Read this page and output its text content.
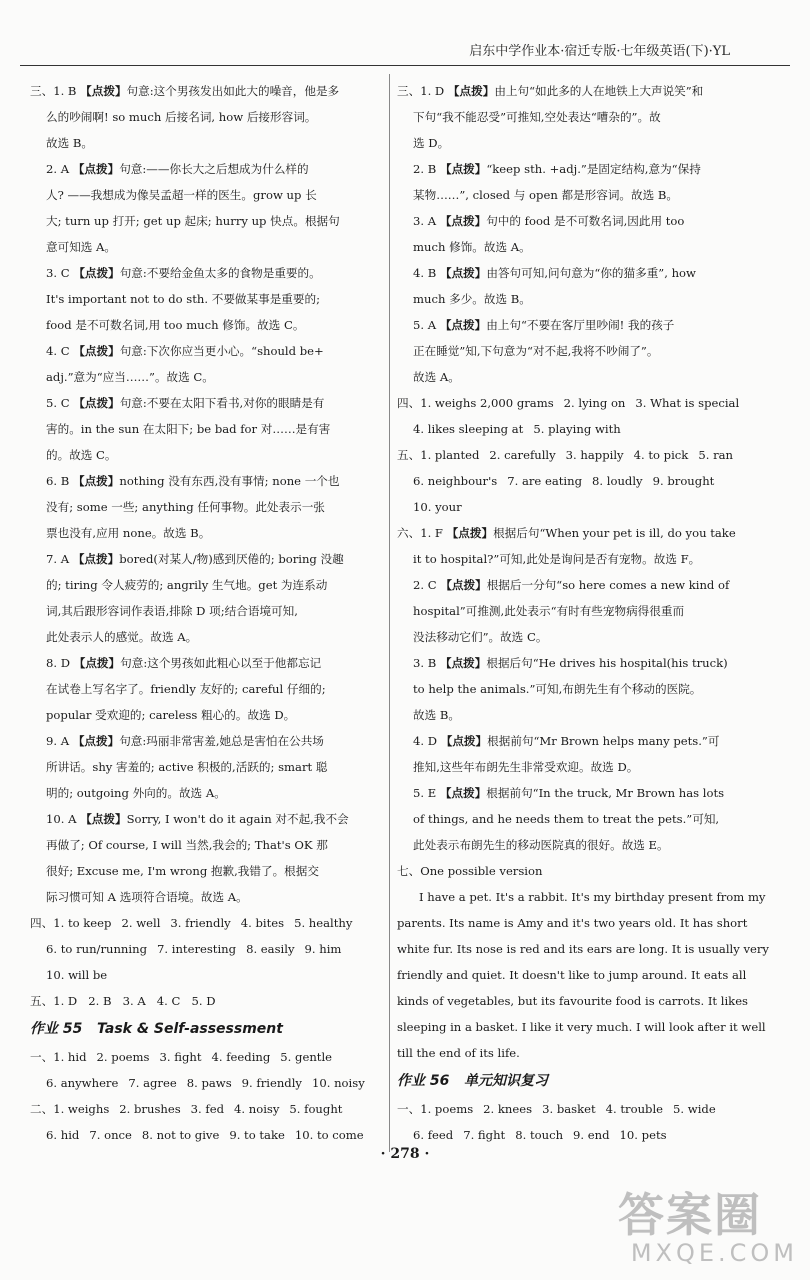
启东中学作业本·宿迁专版·七年级英语(下)·YL
三、1. B 【点拨】句意:这个男孩发出如此大的噪音，他是多
么的吵闹啊! so much 后接名词, how 后接形容词。
故选 B。
2. A 【点拨】句意:——你长大之后想成为什么样的
人? ——我想成为像吴孟超一样的医生。grow up 长
大; turn up 打开; get up 起床; hurry up 快点。根据句
意可知选 A。
3. C 【点拨】句意:不要给金鱼太多的食物是重要的。
It's important not to do sth. 不要做某事是重要的;
food 是不可数名词,用 too much 修饰。故选 C。
4. C 【点拨】句意:下次你应当更小心。“should be+
adj.”意为“应当……”。故选 C。
5. C 【点拨】句意:不要在太阳下看书,对你的眼睛是有
害的。in the sun 在太阳下; be bad for 对……是有害
的。故选 C。
6. B 【点拨】nothing 没有东西,没有事情; none 一个也
没有; some 一些; anything 任何事物。此处表示一张
票也没有,应用 none。故选 B。
7. A 【点拨】bored(对某人/物)感到厌倦的; boring 没趣
的; tiring 令人疲劳的; angrily 生气地。get 为连系动
词,其后跟形容词作表语,排除 D 项;结合语境可知,
此处表示人的感觉。故选 A。
8. D 【点拨】句意:这个男孩如此粗心以至于他都忘记
在试卷上写名字了。friendly 友好的; careful 仔细的;
popular 受欢迎的; careless 粗心的。故选 D。
9. A 【点拨】句意:玛丽非常害羞,她总是害怕在公共场
所讲话。shy 害羞的; active 积极的,活跃的; smart 聪
明的; outgoing 外向的。故选 A。
10. A 【点拨】Sorry, I won't do it again 对不起,我不会
再做了; Of course, I will 当然,我会的; That's OK 那
很好; Excuse me, I'm wrong 抱歉,我错了。根据交
际习惯可知 A 选项符合语境。故选 A。
四、 1. to keep 2. well 3. friendly 4. bites 5. healthy
6. to run/running 7. interesting 8. easily 9. him
10. will be
五、1. D   2. B   3. A   4. C   5. D
作业 55   Task & Self-assessment
一、1. hid 2. poems 3. fight 4. feeding 5. gentle
6. anywhere 7. agree 8. paws 9. friendly 10. noisy
二、1. weighs 2. brushes 3. fed 4. noisy 5. fought
6. hid 7. once 8. not to give 9. to take 10. to come
三、1. D 【点拨】由上句“如此多的人在地铁上大声说笑”和
下句“我不能忍受”可推知,空处表达“嘈杂的”。故
选 D。
2. B 【点拨】“keep sth. +adj.”是固定结构,意为“保持
某物……”, closed 与 open 都是形容词。故选 B。
3. A 【点拨】句中的 food 是不可数名词,因此用 too
much 修饰。故选 A。
4. B 【点拨】由答句可知,问句意为“你的猫多重”, how
much 多少。故选 B。
5. A 【点拨】由上句“不要在客厅里吵闹! 我的孩子
正在睡觉”知,下句意为“对不起,我将不吵闹了”。
故选 A。
四、1. weighs 2,000 grams 2. lying on 3. What is special
4. likes sleeping at 5. playing with
五、1. planted 2. carefully 3. happily 4. to pick 5. ran
6. neighbour's 7. are eating 8. loudly 9. brought
10. your
六、1. F 【点拨】根据后句“When your pet is ill, do you take
it to hospital?”可知,此处是询问是否有宠物。故选 F。
2. C 【点拨】根据后一分句“so here comes a new kind of
hospital”可推测,此处表示“有时有些宠物病得很重而
没法移动它们”。故选 C。
3. B 【点拨】根据后句“He drives his hospital(his truck)
to help the animals.”可知,布朗先生有个移动的医院。
故选 B。
4. D 【点拨】根据前句“Mr Brown helps many pets.”可
推知,这些年布朗先生非常受欢迎。故选 D。
5. E 【点拨】根据前句“In the truck, Mr Brown has lots
of things, and he needs them to treat the pets.”可知,
此处表示布朗先生的移动医院真的很好。故选 E。
七、One possible version

I have a pet. It's a rabbit. It's my birthday present from my parents. Its name is Amy and it's two years old. It has short white fur. Its nose is red and its ears are long. It is usually very friendly and quiet. It doesn't like to jump around. It eats all kinds of vegetables, but its favourite food is carrots. It likes sleeping in a basket. I like it very much. I will look after it well till the end of its life.

作业 56   单元知识复习
一、1. poems 2. knees 3. basket 4. trouble 5. wide
6. feed 7. fight 8. touch 9. end 10. pets
· 278 ·
答案圈
MXQE.COM
